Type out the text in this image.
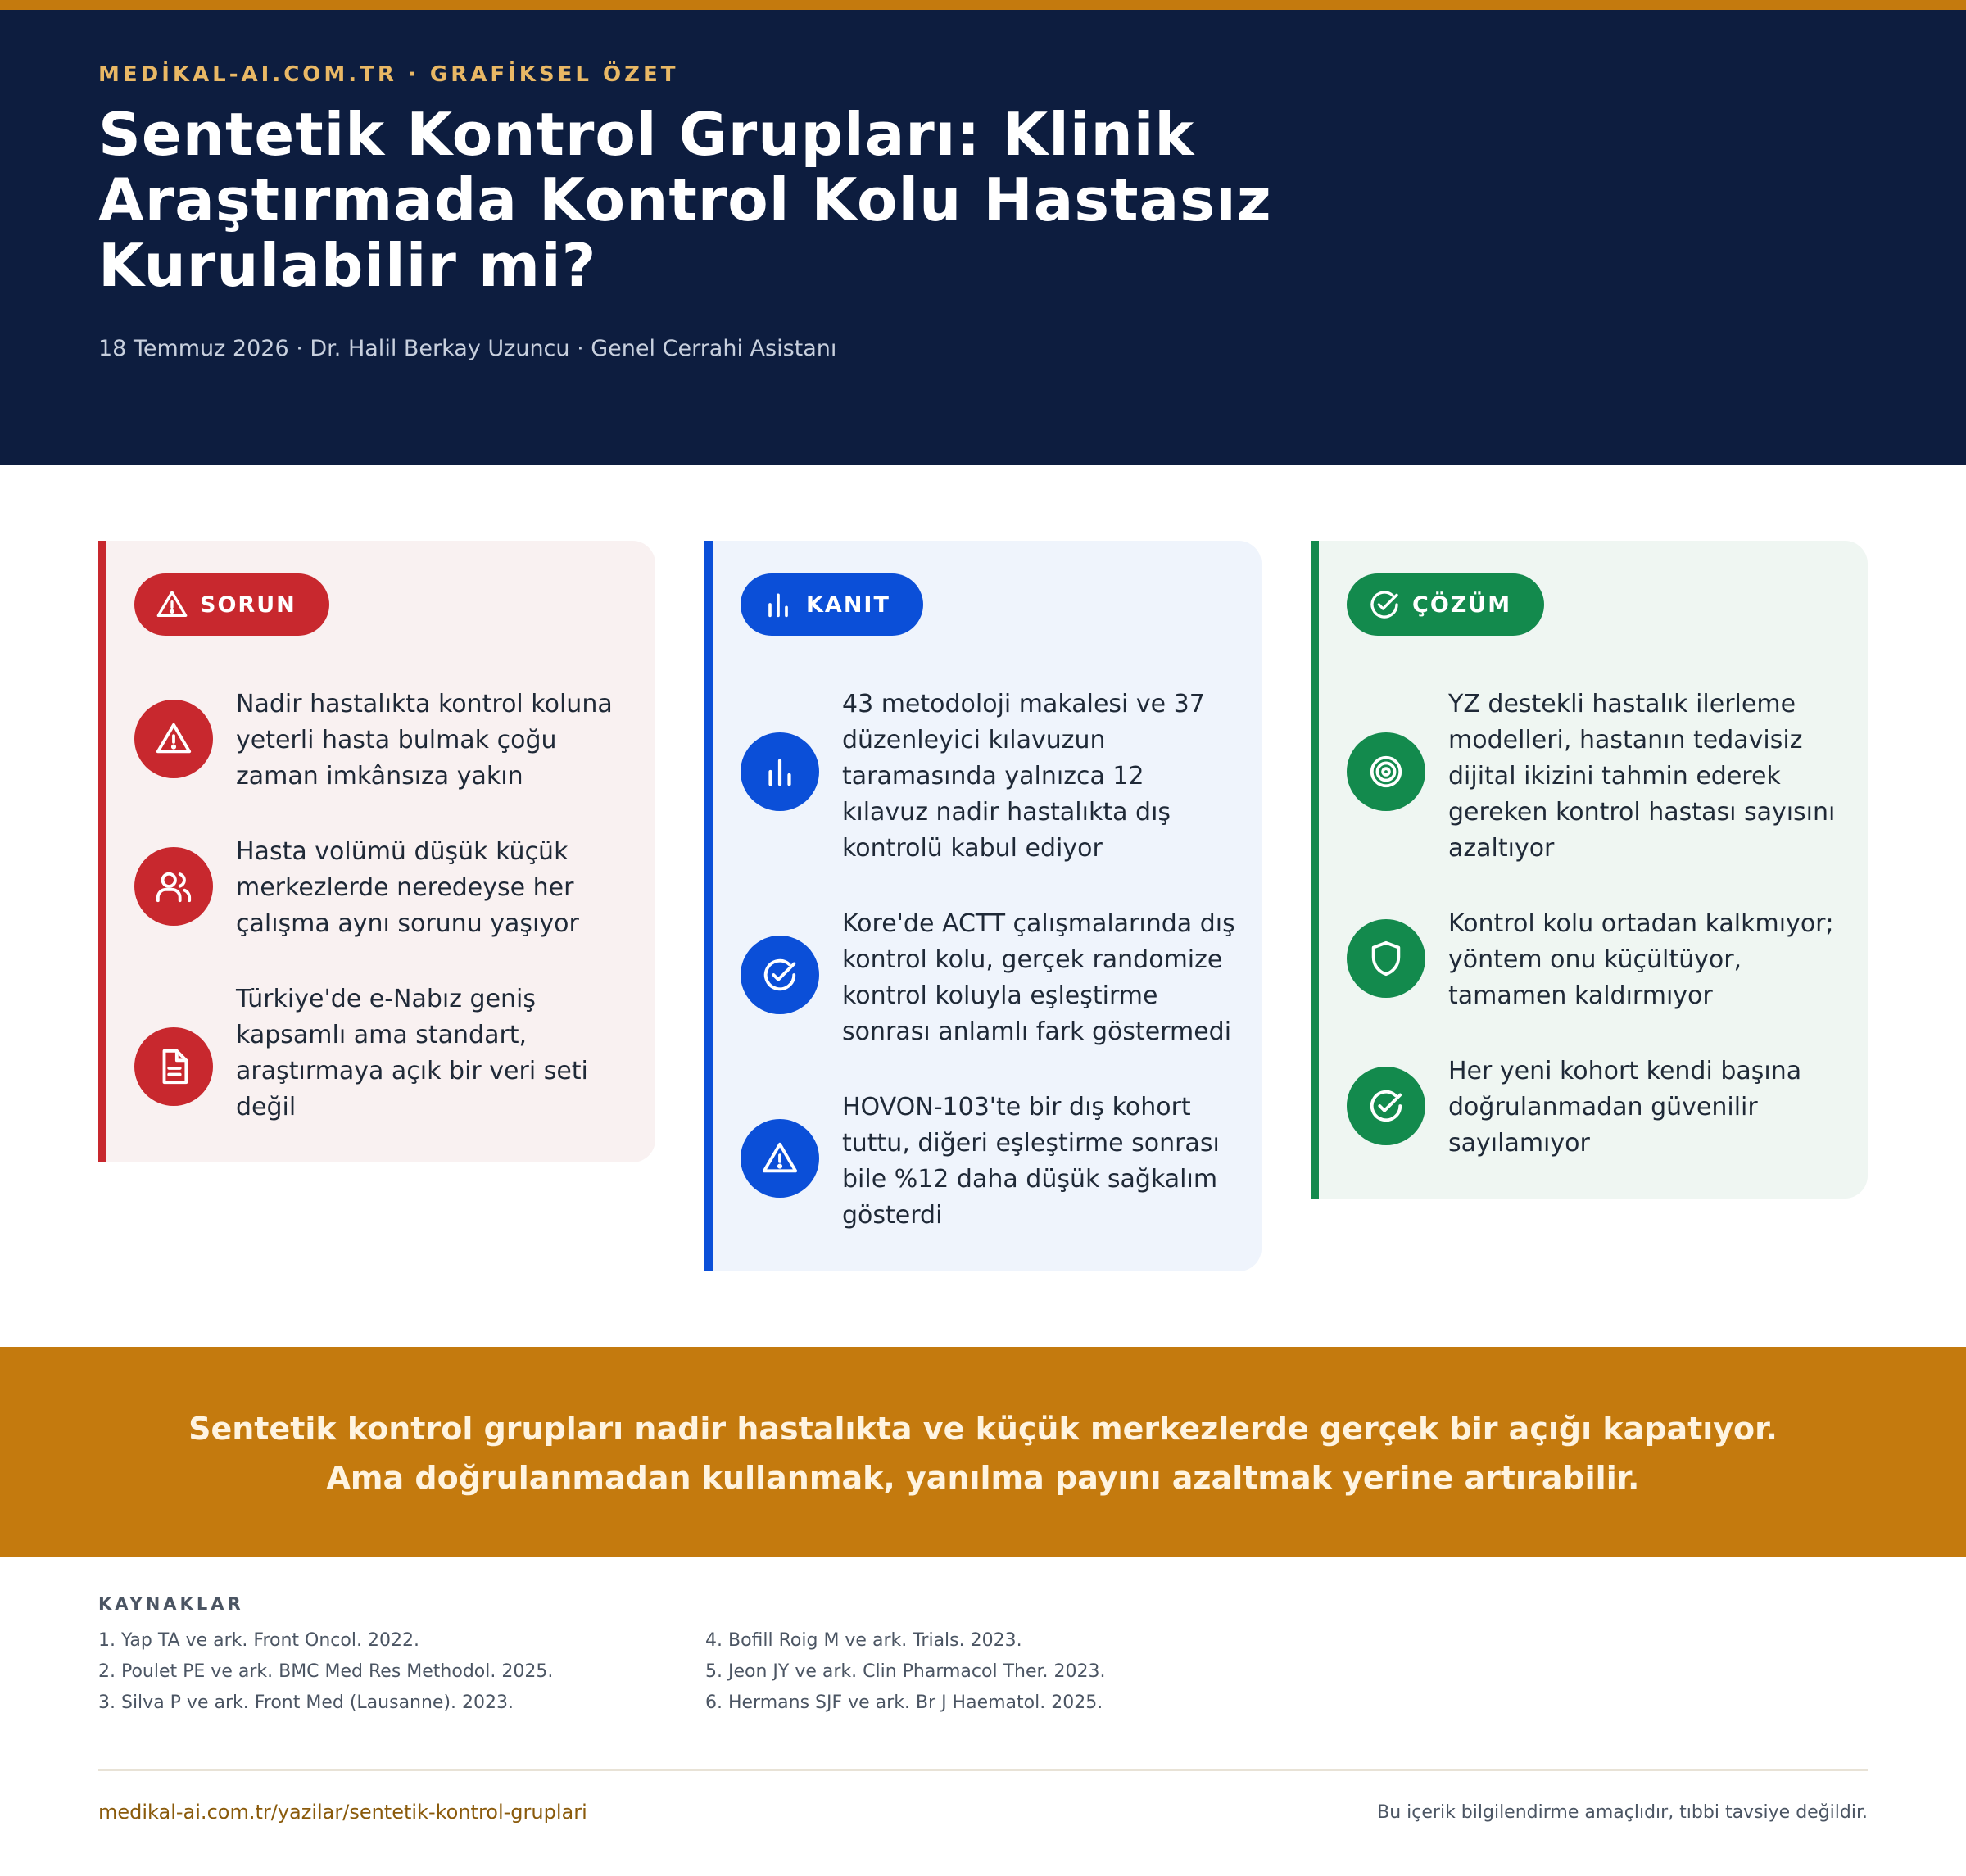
MEDİKAL-AI.COM.TR · GRAFİKSEL ÖZET
Sentetik Kontrol Grupları: Klinik
Araştırmada Kontrol Kolu Hastasız
Kurulabilir mi?
18 Temmuz 2026 · Dr. Halil Berkay Uzuncu · Genel Cerrahi Asistanı
SORUN
Nadir hastalıkta kontrol koluna yeterli hasta bulmak çoğu zaman imkânsıza yakın
Hasta volümü düşük küçük merkezlerde neredeyse her çalışma aynı sorunu yaşıyor
Türkiye'de e-Nabız geniş kapsamlı ama standart, araştırmaya açık bir veri seti değil
KANIT
43 metodoloji makalesi ve 37 düzenleyici kılavuzun taramasında yalnızca 12 kılavuz nadir hastalıkta dış kontrolü kabul ediyor
Kore'de ACTT çalışmalarında dış kontrol kolu, gerçek randomize kontrol koluyla eşleştirme sonrası anlamlı fark göstermedi
HOVON-103'te bir dış kohort tuttu, diğeri eşleştirme sonrası bile %12 daha düşük sağkalım gösterdi
ÇÖZÜM
YZ destekli hastalık ilerleme modelleri, hastanın tedavisiz dijital ikizini tahmin ederek gereken kontrol hastası sayısını azaltıyor
Kontrol kolu ortadan kalkmıyor; yöntem onu küçültüyor, tamamen kaldırmıyor
Her yeni kohort kendi başına doğrulanmadan güvenilir sayılamıyor
Sentetik kontrol grupları nadir hastalıkta ve küçük merkezlerde gerçek bir açığı kapatıyor.
Ama doğrulanmadan kullanmak, yanılma payını azaltmak yerine artırabilir.
KAYNAKLAR
1. Yap TA ve ark. Front Oncol. 2022.
2. Poulet PE ve ark. BMC Med Res Methodol. 2025.
3. Silva P ve ark. Front Med (Lausanne). 2023.
4. Bofill Roig M ve ark. Trials. 2023.
5. Jeon JY ve ark. Clin Pharmacol Ther. 2023.
6. Hermans SJF ve ark. Br J Haematol. 2025.
medikal-ai.com.tr/yazilar/sentetik-kontrol-gruplari	Bu içerik bilgilendirme amaçlıdır, tıbbi tavsiye değildir.
